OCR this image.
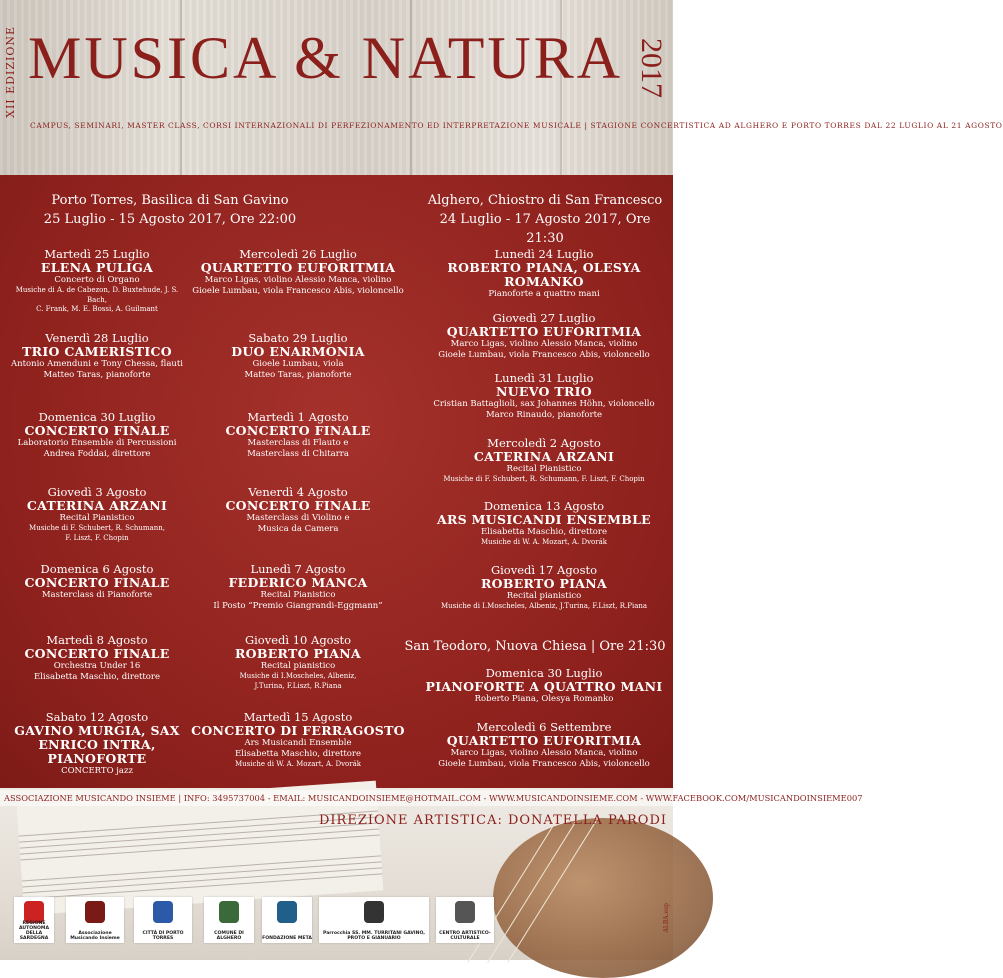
XII EDIZIONE MUSICA & NATURA 2017
CAMPUS, SEMINARI, MASTER CLASS, CORSI INTERNAZIONALI DI PERFEZIONAMENTO ED INTERPRETAZIONE MUSICALE | STAGIONE CONCERTISTICA AD ALGHERO E PORTO TORRES DAL 22 LUGLIO AL 21 AGOSTO
Porto Torres, Basilica di San Gavino
25 Luglio - 15 Agosto 2017, Ore 22:00
Alghero, Chiostro di San Francesco
24 Luglio - 17 Agosto 2017, Ore 21:30
San Teodoro, Nuova Chiesa | Ore 21:30
Martedì 25 Luglio
ELENA PULIGA
Concerto di Organo
Musiche di A. de Cabezon, D. Buxtehude, J. S. Bach,
C. Frank, M. E. Bossi, A. Guilmant
Venerdì 28 Luglio
TRIO CAMERISTICO
Antonio Amenduni e Tony Chessa, flauti
Matteo Taras, pianoforte
Domenica 30 Luglio
CONCERTO FINALE
Laboratorio Ensemble di Percussioni
Andrea Foddai, direttore
Giovedì 3 Agosto
CATERINA ARZANI
Recital Pianistico
Musiche di F. Schubert, R. Schumann,
F. Liszt, F. Chopin
Domenica 6 Agosto
CONCERTO FINALE
Masterclass di Pianoforte
Martedì 8 Agosto
CONCERTO FINALE
Orchestra Under 16
Elisabetta Maschio, direttore
Sabato 12 Agosto
GAVINO MURGIA, SAX
ENRICO INTRA, PIANOFORTE
CONCERTO jazz
Mercoledì 26 Luglio
QUARTETTO EUFORITMIA
Marco Ligas, violino Alessio Manca, violino
Gioele Lumbau, viola Francesco Abis, violoncello
Sabato 29 Luglio
DUO ENARMONIA
Gioele Lumbau, viola
Matteo Taras, pianoforte
Martedì 1 Agosto
CONCERTO FINALE
Masterclass di Flauto e
Masterclass di Chitarra
Venerdì 4 Agosto
CONCERTO FINALE
Masterclass di Violino e
Musica da Camera
Lunedì 7 Agosto
FEDERICO MANCA
Recital Pianistico
Il Posto “Premio Giangrandi-Eggmann”
Giovedì 10 Agosto
ROBERTO PIANA
Recital pianistico
Musiche di I.Moscheles, Albeniz,
J.Turina, F.Liszt, R.Piana
Martedì 15 Agosto
CONCERTO DI FERRAGOSTO
Ars Musicandi Ensemble
Elisabetta Maschio, direttore
Musiche di W. A. Mozart, A. Dvorák
Lunedì 24 Luglio
ROBERTO PIANA, OLESYA ROMANKO
Pianoforte a quattro mani
Giovedì 27 Luglio
QUARTETTO EUFORITMIA
Marco Ligas, violino Alessio Manca, violino
Gioele Lumbau, viola Francesco Abis, violoncello
Lunedì 31 Luglio
NUEVO TRIO
Cristian Battaglioli, sax Johannes Höhn, violoncello
Marco Rinaudo, pianoforte
Mercoledì 2 Agosto
CATERINA ARZANI
Recital Pianistico
Musiche di F. Schubert, R. Schumann, F. Liszt, F. Chopin
Domenica 13 Agosto
ARS MUSICANDI ENSEMBLE
Elisabetta Maschio, direttore
Musiche di W. A. Mozart, A. Dvorák
Giovedì 17 Agosto
ROBERTO PIANA
Recital pianistico
Musiche di I.Moscheles, Albeniz, J.Turina, F.Liszt, R.Piana
Domenica 30 Luglio
PIANOFORTE A QUATTRO MANI
Roberto Piana, Olesya Romanko
Mercoledì 6 Settembre
QUARTETTO EUFORITMIA
Marco Ligas, violino Alessio Manca, violino
Gioele Lumbau, viola Francesco Abis, violoncello
ASSOCIAZIONE MUSICANDO INSIEME | INFO: 3495737004 - EMAIL: MUSICANDOINSIEME@HOTMAIL.COM - WWW.MUSICANDOINSIEME.COM - WWW.FACEBOOK.COM/MUSICANDOINSIEME007
DIREZIONE ARTISTICA: DONATELLA PARODI
REGIONE AUTONOMA DELLA SARDEGNA
Associazione Musicando Insieme
CITTÀ DI PORTO TORRES
COMUNE DI ALGHERO	FONDAZIONE META
Parrocchia SS. MM. TURRITANI GAVINO, PROTO E GIANUARIO
CENTRO ARTISTICO-CULTURALE
ALBA.esp
